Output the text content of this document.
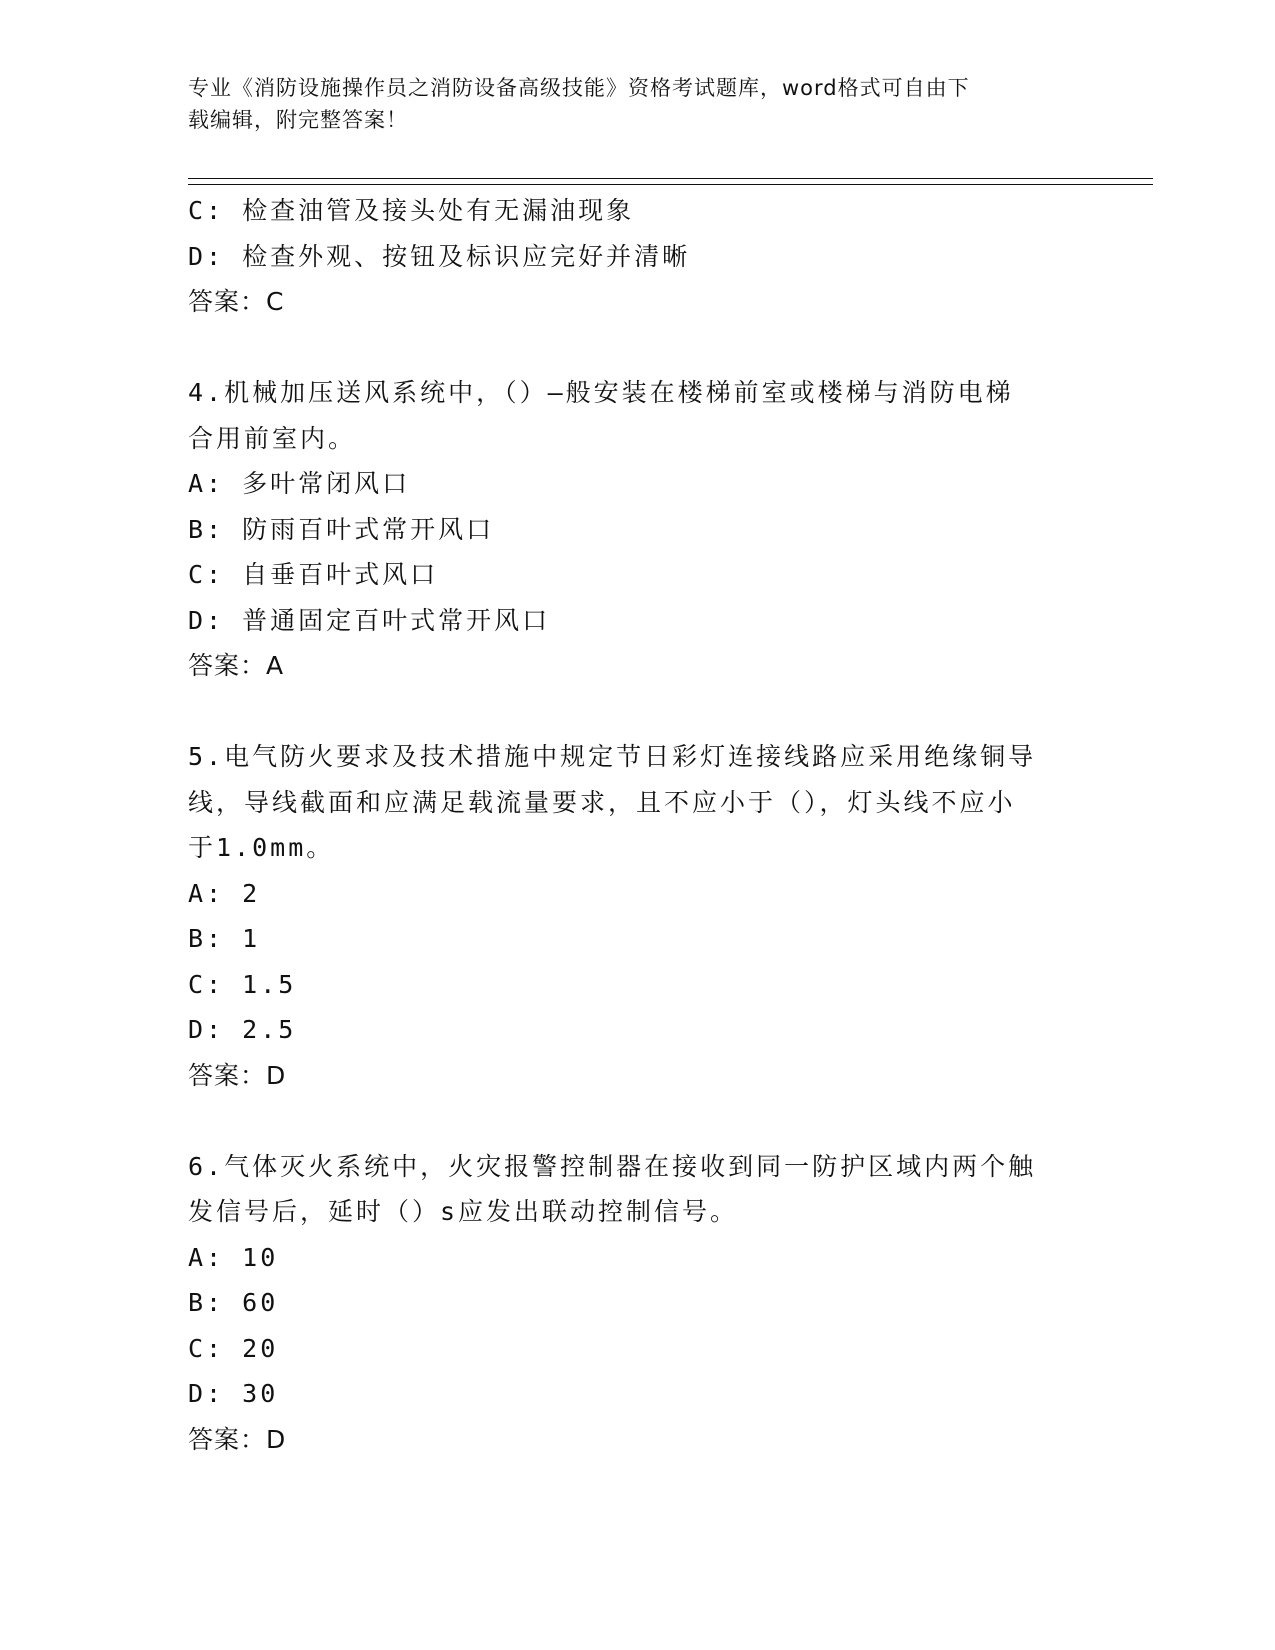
专业《消防设施操作员之消防设备高级技能》资格考试题库，word格式可自由下
载编辑，附完整答案！
C: 检查油管及接头处有无漏油现象
D: 检查外观、按钮及标识应完好并清晰
答案：C
4.机械加压送风系统中，（）—般安装在楼梯前室或楼梯与消防电梯
合用前室内。
A: 多叶常闭风口
B: 防雨百叶式常开风口
C: 自垂百叶式风口
D: 普通固定百叶式常开风口
答案：A
5.电气防火要求及技术措施中规定节日彩灯连接线路应采用绝缘铜导
线，导线截面和应满足载流量要求，且不应小于（），灯头线不应小
于1.0mm。
A: 2
B: 1
C: 1.5
D: 2.5
答案：D
6.气体灭火系统中，火灾报警控制器在接收到同一防护区域内两个触
发信号后，延时（）s应发出联动控制信号。
A: 10
B: 60
C: 20
D: 30
答案：D
